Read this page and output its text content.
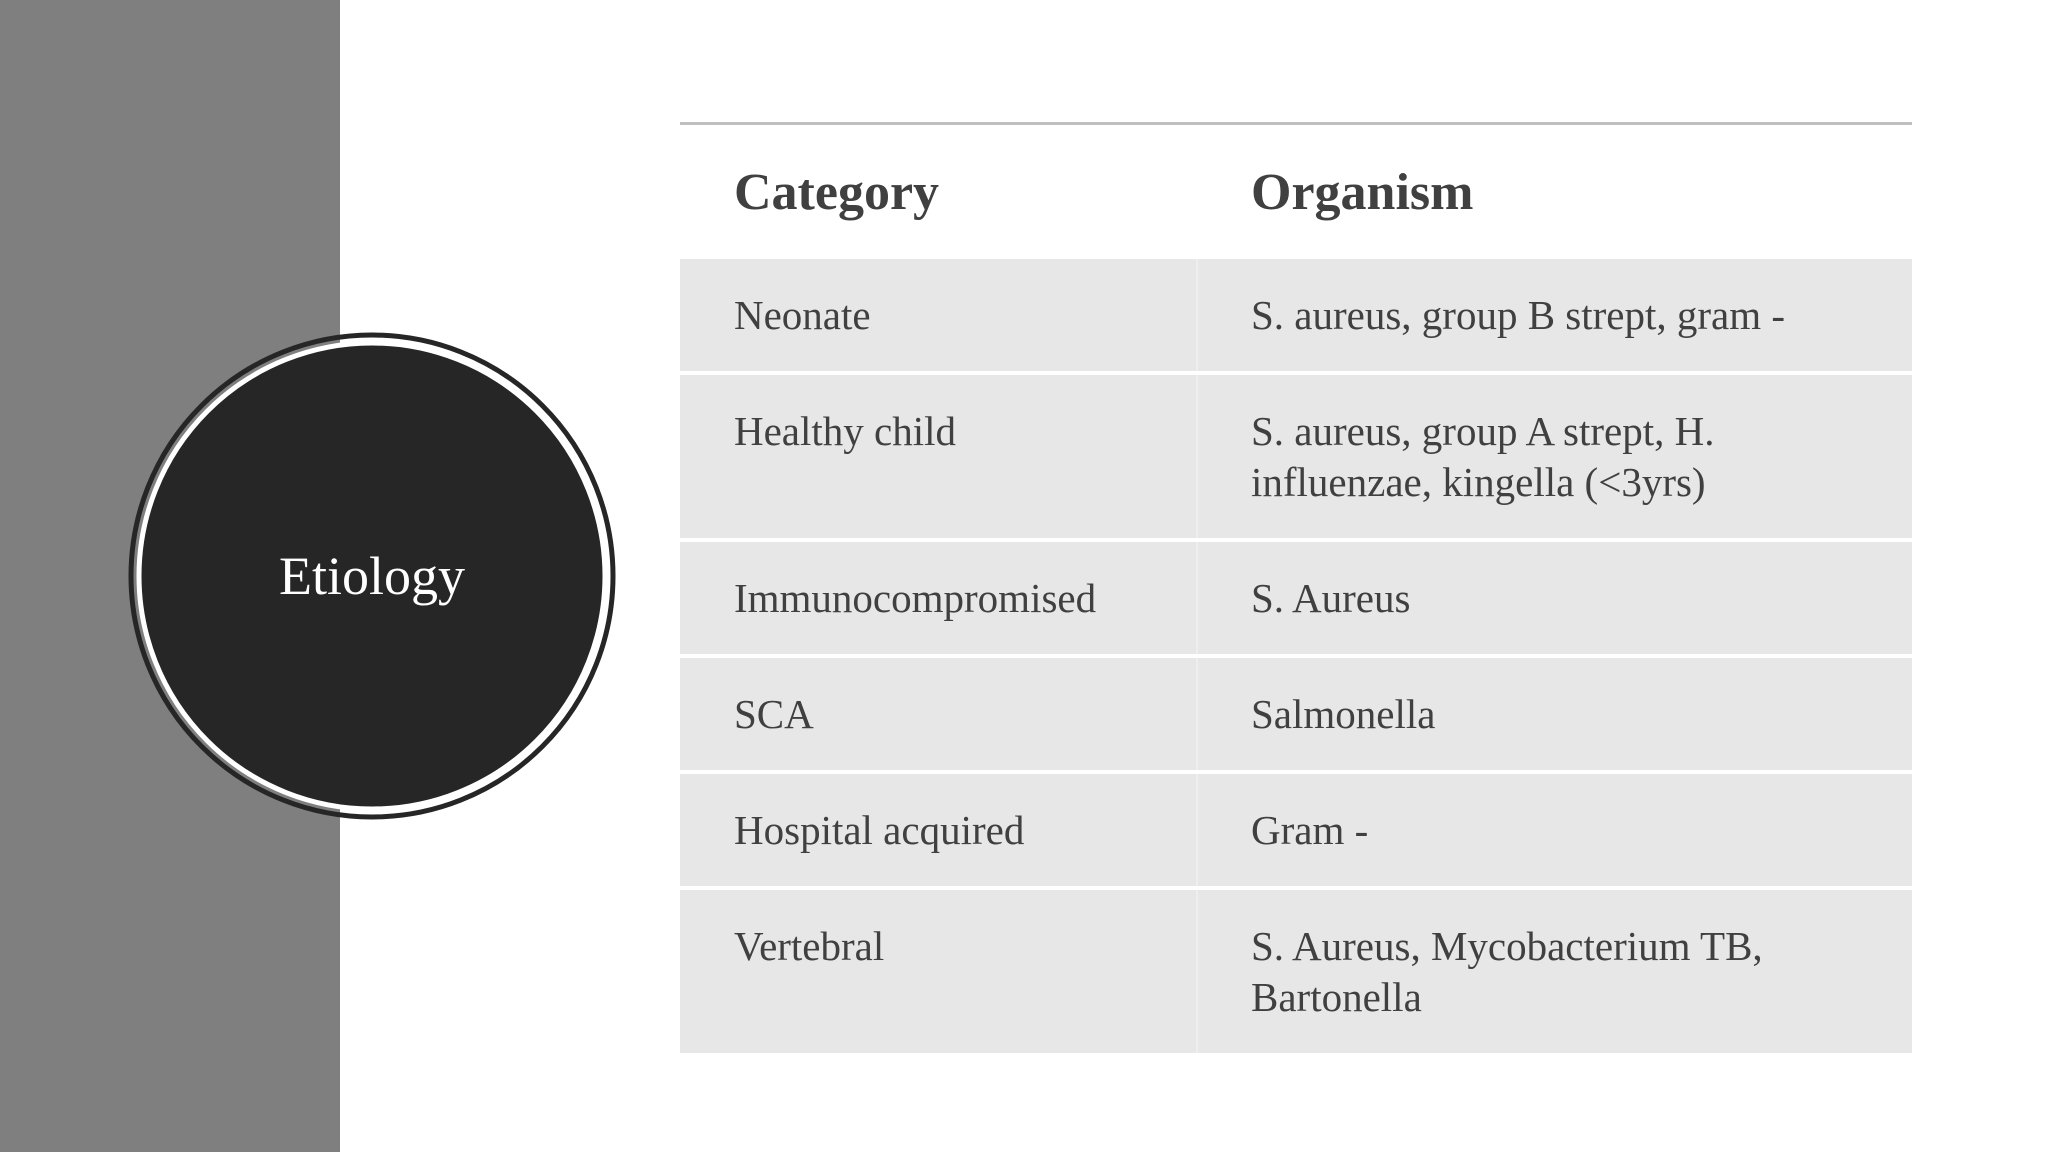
Etiology
Category	Organism
Neonate	S. aureus, group B strept, gram -
Healthy child	S. aureus, group A strept, H. influenzae, kingella (<3yrs)
Immunocompromised	S. Aureus
SCA	Salmonella
Hospital acquired	Gram -
Vertebral	S. Aureus, Mycobacterium TB, Bartonella
